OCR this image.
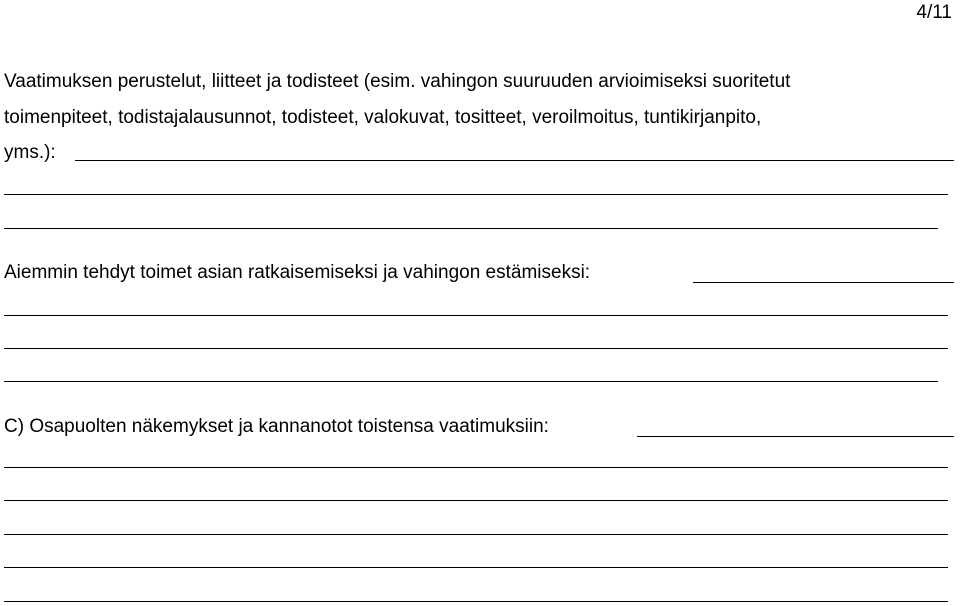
4/11
Vaatimuksen perustelut, liitteet ja todisteet (esim. vahingon suuruuden arvioimiseksi suoritetut
toimenpiteet, todistajalausunnot, todisteet, valokuvat, tositteet, veroilmoitus, tuntikirjanpito,
yms.):
Aiemmin tehdyt toimet asian ratkaisemiseksi ja vahingon estämiseksi:
C) Osapuolten näkemykset ja kannanotot toistensa vaatimuksiin:
